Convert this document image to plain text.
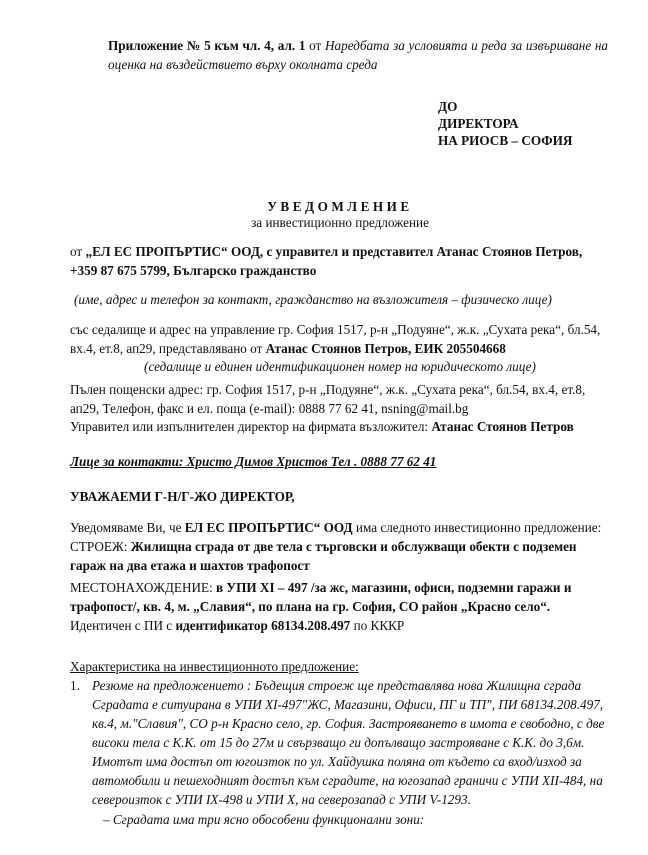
Приложение № 5 към чл. 4, ал. 1 от Наредбата за условията и реда за извършване на оценка на въздействието върху околната среда
ДО
ДИРЕКТОРА
НА РИОСВ – СОФИЯ
УВЕДОМЛЕНИЕ
за инвестиционно предложение
от „ЕЛ ЕС ПРОПЪРТИС“ ООД, с управител и представител Атанас Стоянов Петров, +359 87 675 5799, Българско гражданство
(име, адрес и телефон за контакт, гражданство на възложителя – физическо лице)
със седалище и адрес на управление гр. София 1517, р-н „Подуяне“, ж.к. „Сухата река“, бл.54, вх.4, ет.8, ап29, представлявано от Атанас Стоянов Петров, ЕИК 205504668
(седалище и единен идентификационен номер на юридическото лице)
Пълен пощенски адрес: гр. София 1517, р-н „Подуяне“, ж.к. „Сухата река“, бл.54, вх.4, ет.8, ап29, Телефон, факс и ел. поща (e-mail): 0888 77 62 41, nsning@mail.bg
Управител или изпълнителен директор на фирмата възложител: Атанас Стоянов Петров
Лице за контакти: Христо Димов Христов Тел . 0888 77 62 41
УВАЖАЕМИ Г-Н/Г-ЖО ДИРЕКТОР,
Уведомяваме Ви, че ЕЛ ЕС ПРОПЪРТИС“ ООД има следното инвестиционно предложение: СТРОЕЖ: Жилищна сграда от две тела с търговски и обслужващи обекти с подземен гараж на два етажа и шахтов трафопост
МЕСТОНАХОЖДЕНИЕ: в УПИ XI – 497 /за жс, магазини, офиси, подземни гаражи и трафопост/, кв. 4, м. „Славия“, по плана на гр. София, СО район „Красно село“. Идентичен с ПИ с идентификатор 68134.208.497 по КККР
Характеристика на инвестиционното предложение:
1. Резюме на предложението : Бъдещия строеж ще представлява нова Жилищна сграда Сградата е ситуирана в УПИ XI-497"ЖС, Магазини, Офиси, ПГ и ТП", ПИ 68134.208.497, кв.4, м."Славия", СО р-н Красно село, гр. София. Застрояването в имота е свободно, с две високи тела с К.К. от 15 до 27м и свързващо ги допълващо застрояване с К.К. до 3,6м. Имотът има достъп от югоизток по ул. Хайдушка поляна от където са вход/изход за автомобили и пешеходният достъп към сградите, на югозапад граничи с УПИ XII-484, на североизток с УПИ IX-498 и УПИ X, на северозапад с УПИ V-1293.
– Сградата има три ясно обособени функционални зони:
